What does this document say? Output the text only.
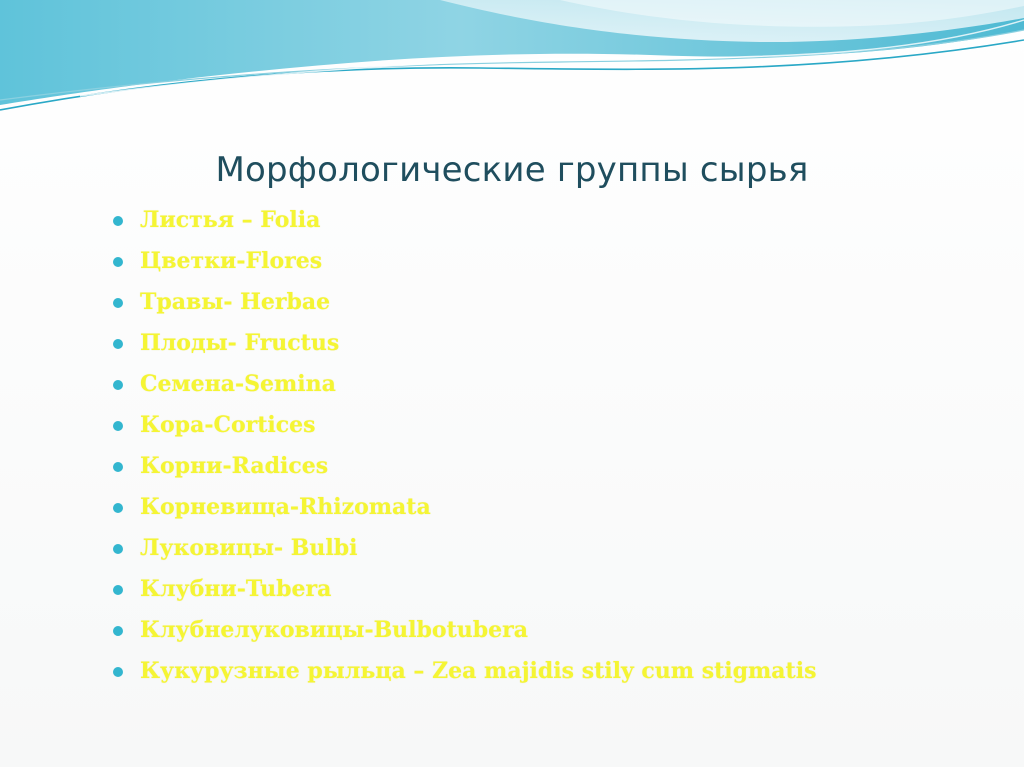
Морфологические группы сырья
Листья – Folia
Цветки-Flores
Травы- Herbae
Плоды- Fructus
Семена-Semina
Кора-Cortices
Корни-Radices
Корневища-Rhizomata
Луковицы- Bulbi
Клубни-Tubera
Клубнелуковицы-Bulbotubera
Кукурузные рыльца – Zea majidis stily cum stigmatis
